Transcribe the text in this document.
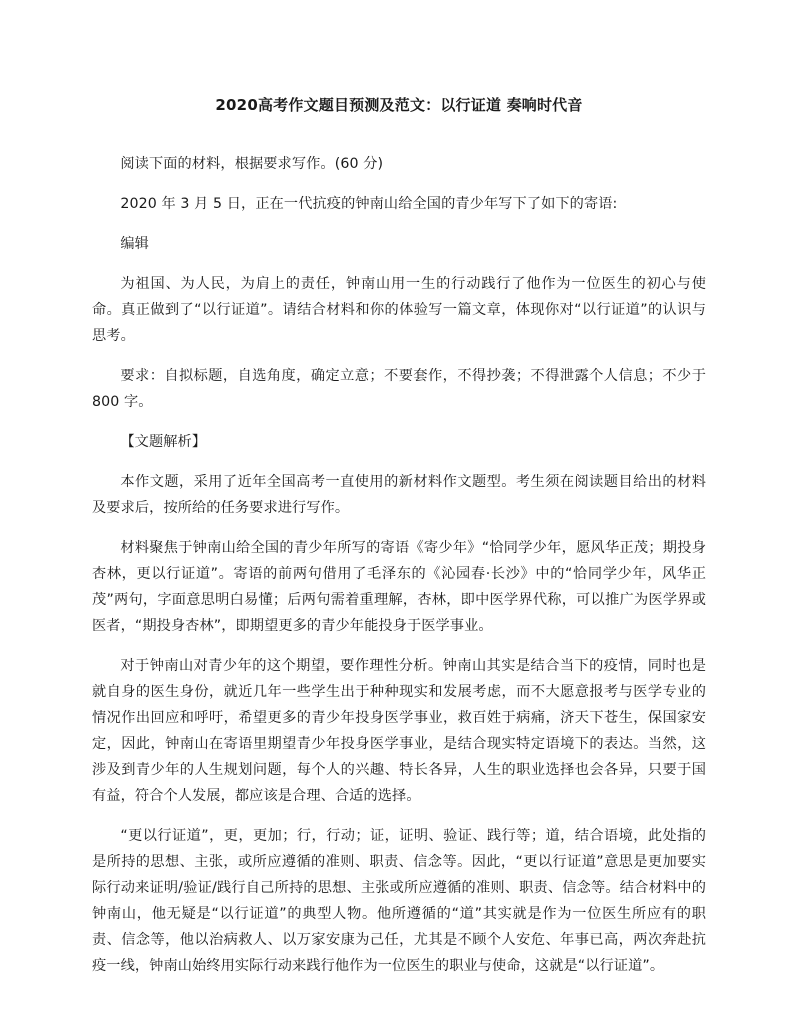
2020高考作文题目预测及范文：以行证道 奏响时代音

阅读下面的材料，根据要求写作。(60 分)

2020 年 3 月 5 日，正在一代抗疫的钟南山给全国的青少年写下了如下的寄语:

编辑

为祖国、为人民，为肩上的责任，钟南山用一生的行动践行了他作为一位医生的初心与使命。真正做到了“以行证道”。请结合材料和你的体验写一篇文章，体现你对“以行证道”的认识与思考。

要求：自拟标题，自选角度，确定立意；不要套作，不得抄袭；不得泄露个人信息；不少于 800 字。

【文题解析】

本作文题，采用了近年全国高考一直使用的新材料作文题型。考生须在阅读题目给出的材料及要求后，按所给的任务要求进行写作。

材料聚焦于钟南山给全国的青少年所写的寄语《寄少年》“恰同学少年，愿风华正茂；期投身杏林，更以行证道”。寄语的前两句借用了毛泽东的《沁园春·长沙》中的“恰同学少年，风华正茂”两句，字面意思明白易懂；后两句需着重理解，杏林，即中医学界代称，可以推广为医学界或医者，“期投身杏林”，即期望更多的青少年能投身于医学事业。

对于钟南山对青少年的这个期望，要作理性分析。钟南山其实是结合当下的疫情，同时也是就自身的医生身份，就近几年一些学生出于种种现实和发展考虑，而不大愿意报考与医学专业的情况作出回应和呼吁，希望更多的青少年投身医学事业，救百姓于病痛，济天下苍生，保国家安定，因此，钟南山在寄语里期望青少年投身医学事业，是结合现实特定语境下的表达。当然，这涉及到青少年的人生规划问题，每个人的兴趣、特长各异，人生的职业选择也会各异，只要于国有益，符合个人发展，都应该是合理、合适的选择。

“更以行证道”，更，更加；行，行动；证，证明、验证、践行等；道，结合语境，此处指的是所持的思想、主张，或所应遵循的准则、职责、信念等。因此，“更以行证道”意思是更加要实际行动来证明/验证/践行自己所持的思想、主张或所应遵循的准则、职责、信念等。结合材料中的钟南山，他无疑是“以行证道”的典型人物。他所遵循的“道”其实就是作为一位医生所应有的职责、信念等，他以治病救人、以万家安康为己任，尤其是不顾个人安危、年事已高，两次奔赴抗疫一线，钟南山始终用实际行动来践行他作为一位医生的职业与使命，这就是“以行证道”。
